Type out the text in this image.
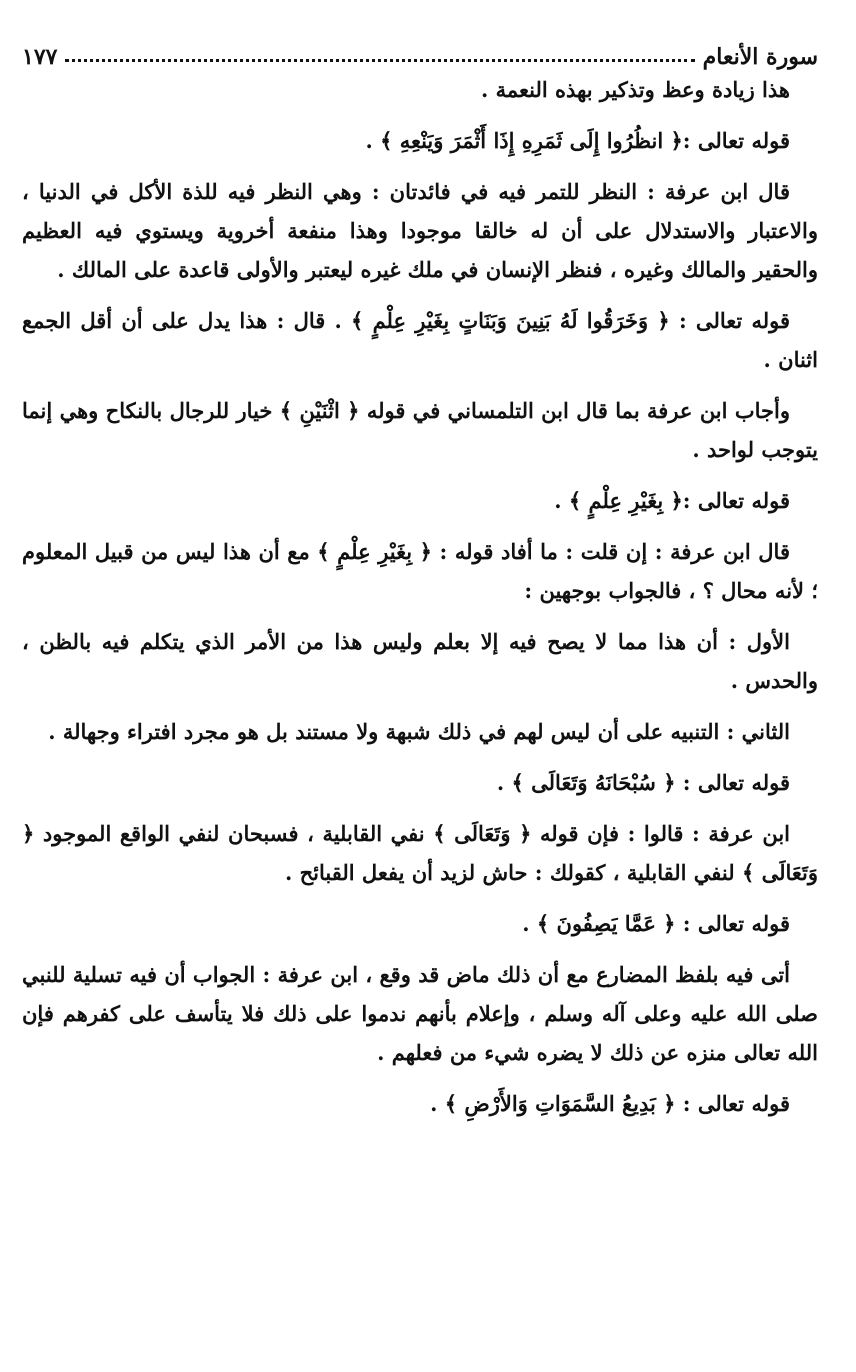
سورة الأنعام
١٧٧

هذا زيادة وعظ وتذكير بهذه النعمة .

قوله تعالى :﴿ انظُرُوا إِلَى ثَمَرِهِ إِذَا أَثْمَرَ وَيَنْعِهِ ﴾ .

قال ابن عرفة : النظر للتمر فيه في فائدتان : وهي النظر فيه للذة الأكل في الدنيا ، والاعتبار والاستدلال على أن له خالقا موجودا وهذا منفعة أخروية ويستوي فيه العظيم والحقير والمالك وغيره ، فنظر الإنسان في ملك غيره ليعتبر والأولى قاعدة على المالك .

قوله تعالى : ﴿ وَخَرَقُوا لَهُ بَنِينَ وَبَنَاتٍ بِغَيْرِ عِلْمٍ ﴾ . قال : هذا يدل على أن أقل الجمع اثنان .

وأجاب ابن عرفة بما قال ابن التلمساني في قوله ﴿ اثْنَيْنِ ﴾ خيار للرجال بالنكاح وهي إنما يتوجب لواحد .

قوله تعالى :﴿ بِغَيْرِ عِلْمٍ ﴾ .

قال ابن عرفة : إن قلت : ما أفاد قوله : ﴿ بِغَيْرِ عِلْمٍ ﴾ مع أن هذا ليس من قبيل المعلوم ؛ لأنه محال ؟ ، فالجواب بوجهين :

الأول : أن هذا مما لا يصح فيه إلا بعلم وليس هذا من الأمر الذي يتكلم فيه بالظن ، والحدس .

الثاني : التنبيه على أن ليس لهم في ذلك شبهة ولا مستند بل هو مجرد افتراء وجهالة .

قوله تعالى : ﴿ سُبْحَانَهُ وَتَعَالَى ﴾ .

ابن عرفة : قالوا : فإن قوله ﴿ وَتَعَالَى ﴾ نفي القابلية ، فسبحان لنفي الواقع الموجود ﴿ وَتَعَالَى ﴾ لنفي القابلية ، كقولك : حاش لزيد أن يفعل القبائح .

قوله تعالى : ﴿ عَمَّا يَصِفُونَ ﴾ .

أتى فيه بلفظ المضارع مع أن ذلك ماض قد وقع ، ابن عرفة : الجواب أن فيه تسلية للنبي صلى الله عليه وعلى آله وسلم ، وإعلام بأنهم ندموا على ذلك فلا يتأسف على كفرهم فإن الله تعالى منزه عن ذلك لا يضره شيء من فعلهم .

قوله تعالى : ﴿ بَدِيعُ السَّمَوَاتِ وَالأَرْضِ ﴾ .
